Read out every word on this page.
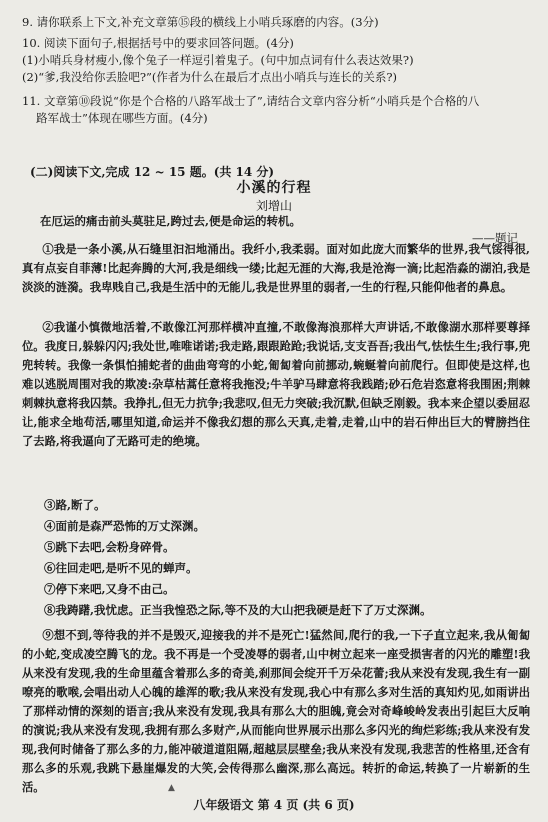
9. 请你联系上下文,补充文章第⑮段的横线上小哨兵琢磨的内容。(3分)
10. 阅读下面句子,根据括号中的要求回答问题。(4分)
(1)小哨兵身材瘦小,像个兔子一样逗引着鬼子。(句中加点词有什么表达效果?)
(2)“爹,我没给你丢脸吧?”(作者为什么在最后才点出小哨兵与连长的关系?)
11. 文章第⑩段说“你是个合格的八路军战士了”,请结合文章内容分析“小哨兵是个合格的八
路军战士”体现在哪些方面。(4分)
(二)阅读下文,完成 12 ~ 15 题。(共 14 分)
小溪的行程
刘增山
在厄运的痛击前头莫驻足,跨过去,便是命运的转机。
——题记
①我是一条小溪,从石缝里汩汩地涌出。我纤小,我柔弱。面对如此庞大而繁华的世界,我气馁得很,真有点妄自菲薄!比起奔腾的大河,我是细线一缕;比起无涯的大海,我是沧海一滴;比起浩淼的湖泊,我是淡淡的涟漪。我卑贱自己,我是生活中的无能儿,我是世界里的弱者,一生的行程,只能仰他者的鼻息。
②我谨小慎微地活着,不敢像江河那样横冲直撞,不敢像海浪那样大声讲话,不敢像湖水那样要尊择位。我度日,躲躲闪闪;我处世,唯唯诺诺;我走路,跟跟跄跄;我说话,支支吾吾;我出气,怯怯生生;我行事,兜兜转转。我像一条惧怕捕蛇者的曲曲弯弯的小蛇,匍匐着向前挪动,蜿蜒着向前爬行。但即使是这样,也难以逃脱周围对我的欺凌:杂草枯蒿任意将我拖没;牛羊驴马肆意将我践踏;砂石危岩恣意将我围困;荆棘刺棘执意将我囚禁。我挣扎,但无力抗争;我悲叹,但无力突破;我沉默,但缺乏刚毅。我本来企望以委屈忍让,能求全地苟活,哪里知道,命运并不像我幻想的那么天真,走着,走着,山中的岩石伸出巨大的臂膀挡住了去路,将我逼向了无路可走的绝境。
③路,断了。
④面前是森严恐怖的万丈深渊。
⑤跳下去吧,会粉身碎骨。
⑥往回走吧,是听不见的蝉声。
⑦停下来吧,又身不由己。
⑧我踌躇,我忧虑。正当我惶恐之际,等不及的大山把我硬是赶下了万丈深渊。
⑨想不到,等待我的并不是毁灭,迎接我的并不是死亡!猛然间,爬行的我,一下子直立起来,我从匍匐的小蛇,变成凌空腾飞的龙。我不再是一个受凌辱的弱者,山中树立起来一座受损害者的闪光的雕塑!我从来没有发现,我的生命里蕴含着那么多的奇美,刹那间会绽开千万朵花蕾;我从来没有发现,我生有一副嘹亮的歌喉,会唱出动人心魄的雄浑的歌;我从来没有发现,我心中有那么多对生活的真知灼见,如雨讲出了那样动情的深刻的语言;我从来没有发现,我具有那么大的胆魄,竟会对奇峰峻岭发表出引起巨大反响的演说;我从来没有发现,我拥有那么多财产,从而能向世界展示出那么多闪光的绚烂彩练;我从来没有发现,我何时储备了那么多的力,能冲破道道阻隔,超越层层壁垒;我从来没有发现,我悲苦的性格里,还含有那么多的乐观,我跳下悬崖爆发的大笑,会传得那么幽深,那么高远。转折的命运,转换了一片崭新的生活。	▲
八年级语文 第 4 页 (共 6 页)
